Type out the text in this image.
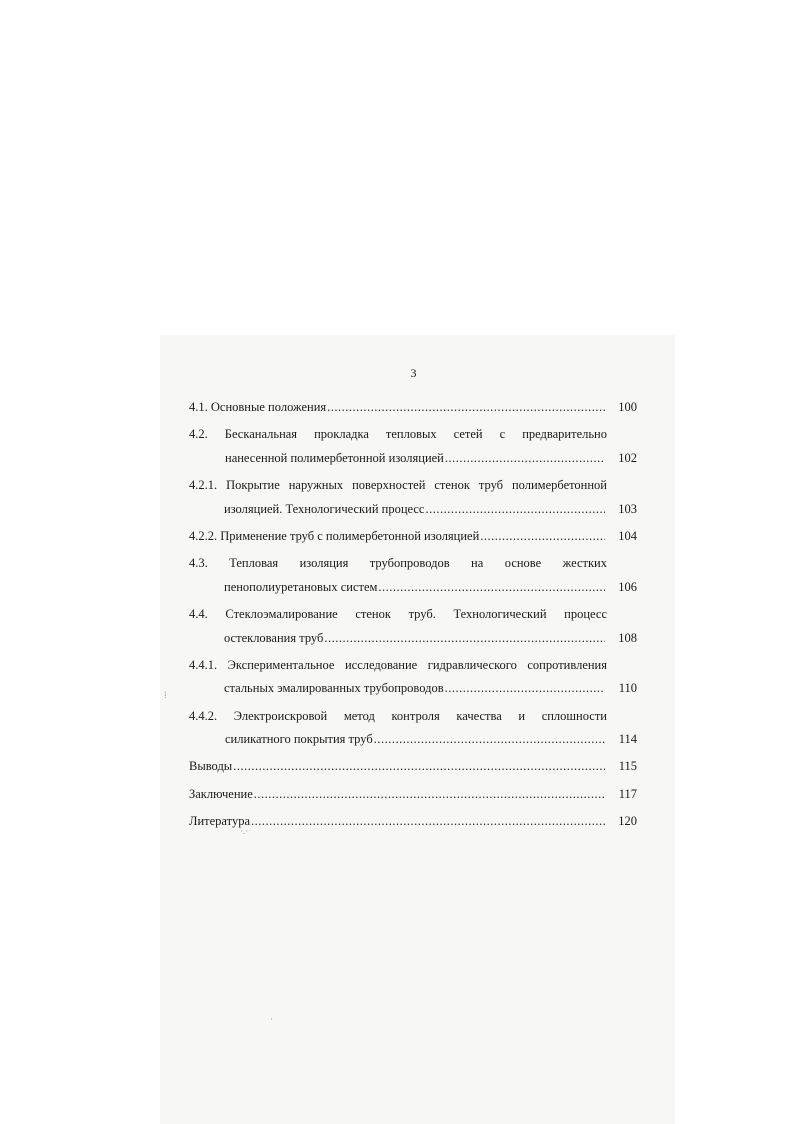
3
4.1. Основные положения .....	100
4.2. Бесканальная прокладка тепловых сетей с предварительно
нанесенной полимербетонной изоляцией .....	102
4.2.1. Покрытие наружных поверхностей стенок труб полимербетонной
изоляцией. Технологический процесс .....	103
4.2.2. Применение труб с полимербетонной изоляцией .....	104
4.3. Тепловая изоляция трубопроводов на основе жестких
пенополиуретановых систем .....	106
4.4. Стеклоэмалирование стенок труб. Технологический процесс
остеклования труб .....	108
4.4.1. Экспериментальное исследование гидравлического сопротивления
стальных эмалированных трубопроводов .....	110
4.4.2. Электроискровой метод контроля качества и сплошности
силикатного покрытия труб .....	114
Выводы .....	115
Заключение .....	117
Литература .....	120
⁞
·.·
·
